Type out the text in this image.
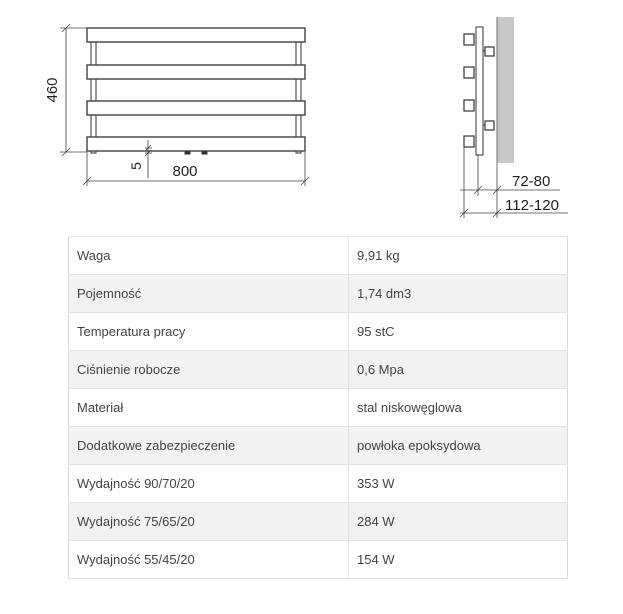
460
800
5
72-80
112-120
Waga	9,91 kg
Pojemność	1,74 dm3
Temperatura pracy	95 stC
Ciśnienie robocze	0,6 Mpa
Materiał	stal niskowęglowa
Dodatkowe zabezpieczenie	powłoka epoksydowa
Wydajność 90/70/20	353 W
Wydajność 75/65/20	284 W
Wydajność 55/45/20	154 W
